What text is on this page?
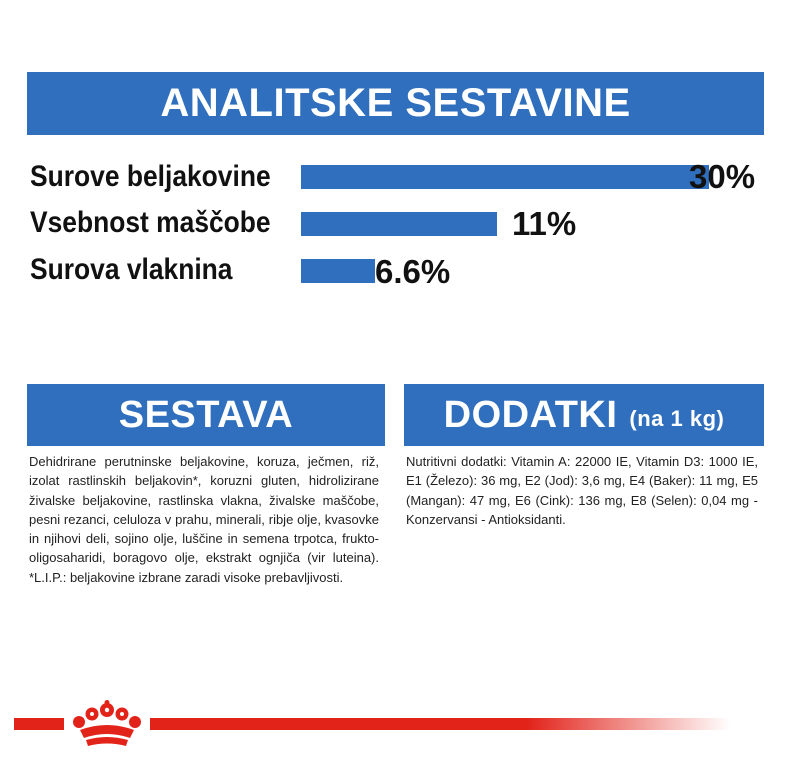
ANALITSKE SESTAVINE
Surove beljakovine	30%
Vsebnost maščobe	11%
Surova vlaknina	6.6%
SESTAVA	DODATKI (na 1 kg)
Dehidrirane perutninske beljakovine, koruza, ječmen, riž, izolat rastlinskih beljakovin*, koruzni gluten, hidrolizirane živalske beljakovine, rastlinska vlakna, živalske maščobe, pesni rezanci, celuloza v prahu, minerali, ribje olje, kvasovke in njihovi deli, sojino olje, luščine in semena trpotca, frukto-oligosaharidi, boragovo olje, ekstrakt ognjiča (vir luteina). *L.I.P.: beljakovine izbrane zaradi visoke prebavljivosti.
Nutritivni dodatki: Vitamin A: 22000 IE, Vitamin D3: 1000 IE, E1 (Železo): 36 mg, E2 (Jod): 3,6 mg, E4 (Baker): 11 mg, E5 (Mangan): 47 mg, E6 (Cink): 136 mg, E8 (Selen): 0,04 mg - Konzervansi - Antioksidanti.
